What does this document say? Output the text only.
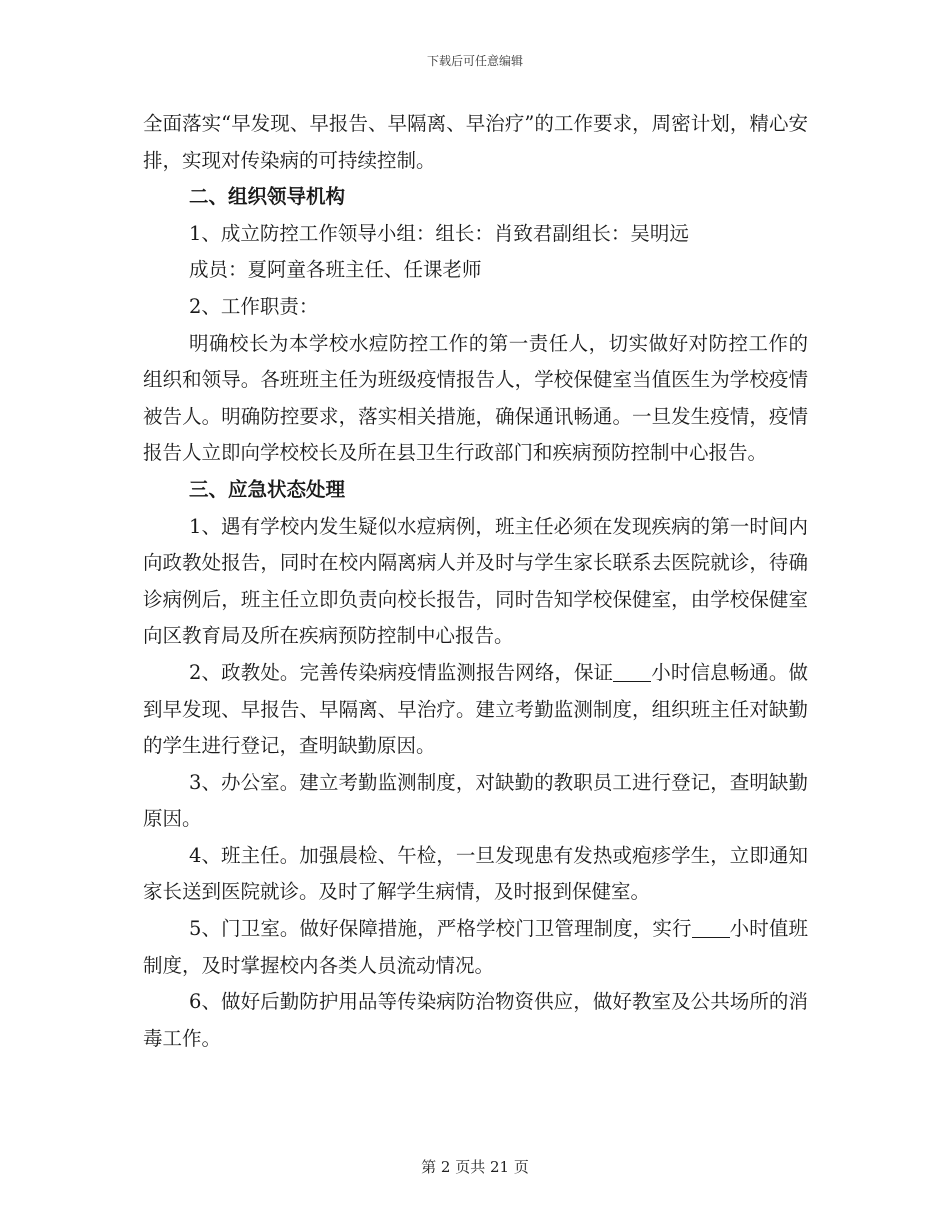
下载后可任意编辑

全面落实“早发现、早报告、早隔离、早治疗”的工作要求，周密计划，精心安排，实现对传染病的可持续控制。

二、组织领导机构

1、成立防控工作领导小组：组长：肖致君副组长：吴明远

成员：夏阿童各班主任、任课老师

2、工作职责：

明确校长为本学校水痘防控工作的第一责任人，切实做好对防控工作的组织和领导。各班班主任为班级疫情报告人，学校保健室当值医生为学校疫情被告人。明确防控要求，落实相关措施，确保通讯畅通。一旦发生疫情，疫情报告人立即向学校校长及所在县卫生行政部门和疾病预防控制中心报告。

三、应急状态处理

1、遇有学校内发生疑似水痘病例，班主任必须在发现疾病的第一时间内向政教处报告，同时在校内隔离病人并及时与学生家长联系去医院就诊，待确诊病例后，班主任立即负责向校长报告，同时告知学校保健室，由学校保健室向区教育局及所在疾病预防控制中心报告。

2、政教处。完善传染病疫情监测报告网络，保证 小时信息畅通。做到早发现、早报告、早隔离、早治疗。建立考勤监测制度，组织班主任对缺勤的学生进行登记，查明缺勤原因。

3、办公室。建立考勤监测制度，对缺勤的教职员工进行登记，查明缺勤原因。

4、班主任。加强晨检、午检，一旦发现患有发热或疱疹学生，立即通知家长送到医院就诊。及时了解学生病情，及时报到保健室。

5、门卫室。做好保障措施，严格学校门卫管理制度，实行 小时值班制度，及时掌握校内各类人员流动情况。

6、做好后勤防护用品等传染病防治物资供应，做好教室及公共场所的消毒工作。

第 2 页共 21 页
